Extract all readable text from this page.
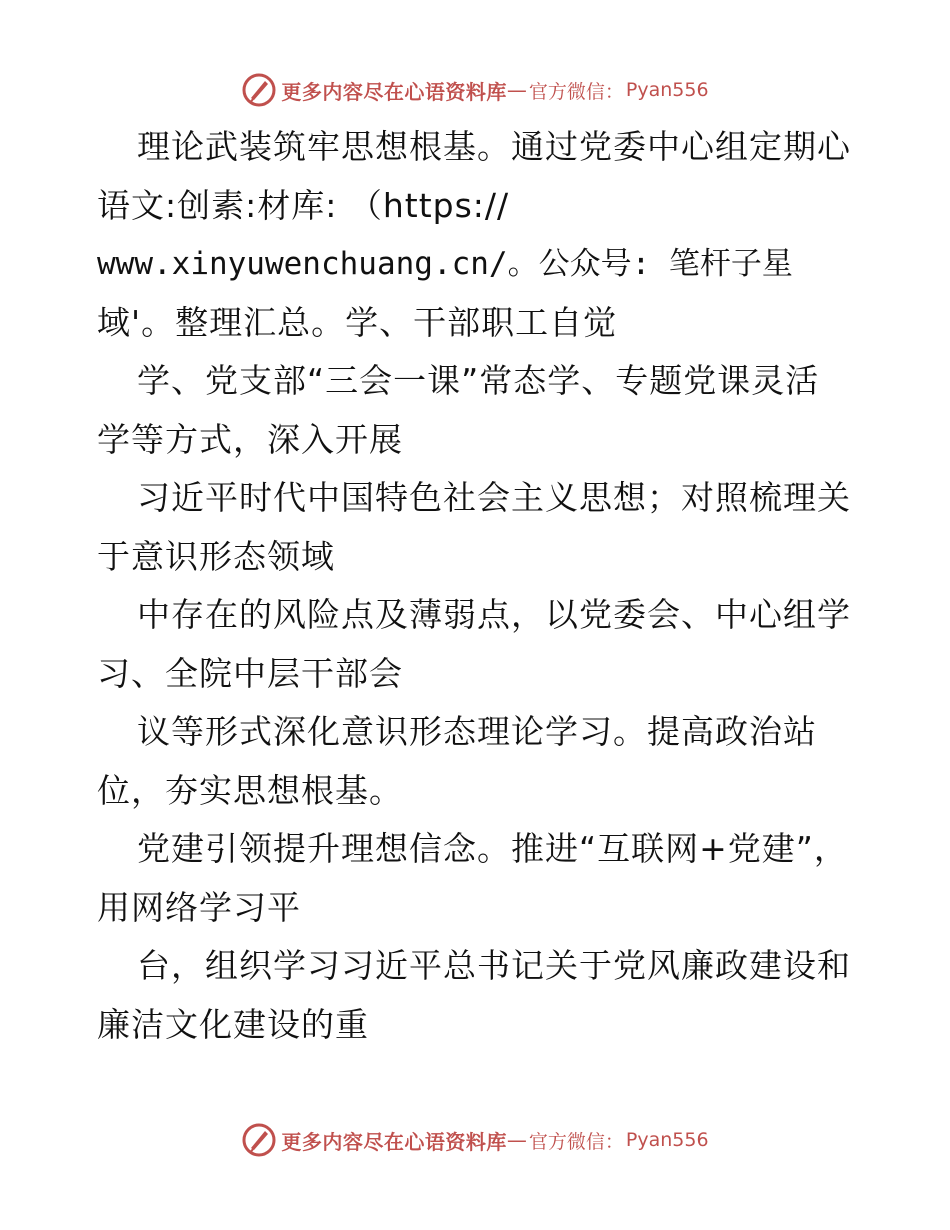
更多内容尽在心语资料库 — 官方微信： Pyan556
理论武装筑牢思想根基。通过党委中心组定期心
语文:创素:材库: （https://
www.xinyuwenchuang.cn/。公众号: 笔杆子星
域'。整理汇总。学、干部职工自觉
学、党支部“三会一课”常态学、专题党课灵活
学等方式，深入开展
习近平时代中国特色社会主义思想；对照梳理关
于意识形态领域
中存在的风险点及薄弱点，以党委会、中心组学
习、全院中层干部会
议等形式深化意识形态理论学习。提高政治站
位，夯实思想根基。
党建引领提升理想信念。推进“互联网+党建”，
用网络学习平
台，组织学习习近平总书记关于党风廉政建设和
廉洁文化建设的重
更多内容尽在心语资料库 — 官方微信： Pyan556
